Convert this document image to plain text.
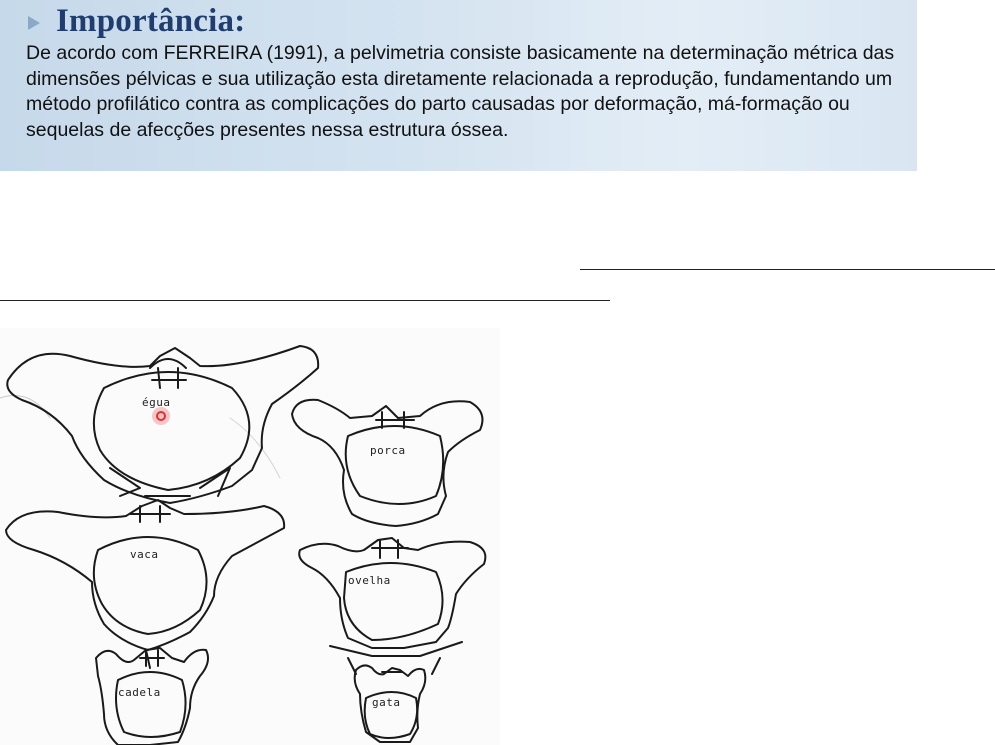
Importância:
De acordo com FERREIRA (1991), a pelvimetria consiste basicamente na determinação métrica das dimensões pélvicas e sua utilização esta diretamente relacionada a reprodução, fundamentando um método profilático contra as complicações do parto causadas por deformação, má-formação ou sequelas de afecções presentes nessa estrutura óssea.
égua
porca
vaca
ovelha
cadela
gata
